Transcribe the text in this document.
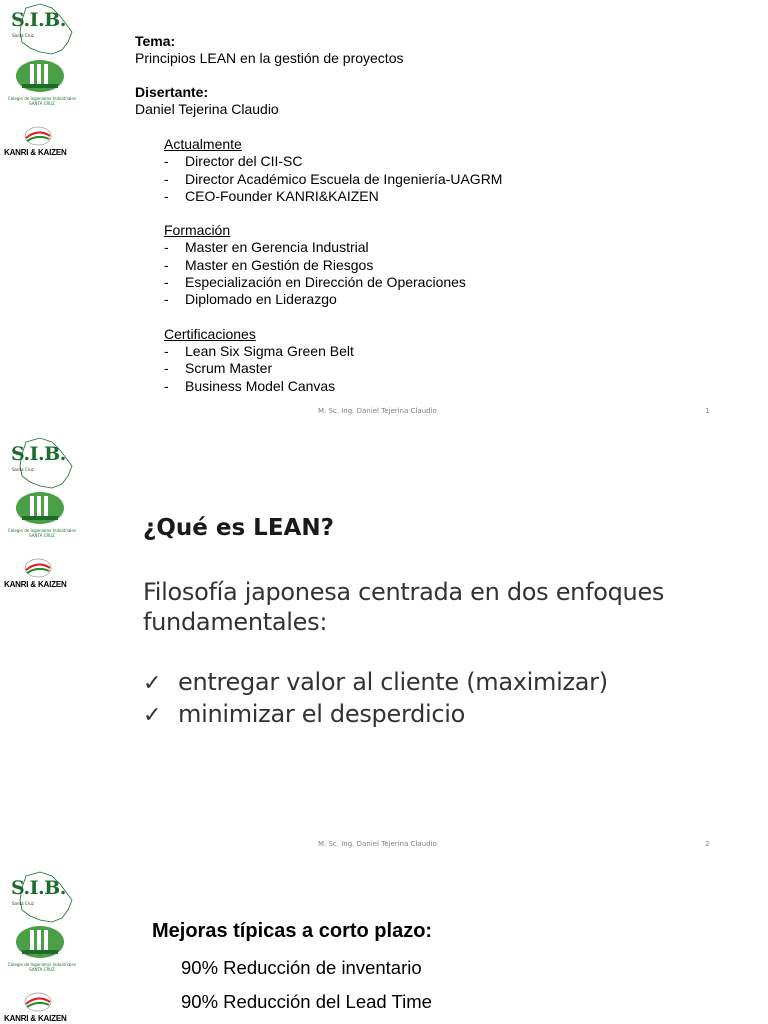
S.I.B.
Santa Cruz
Colegio de Ingenieros Industriales
SANTA CRUZ
KANRI & KAIZEN
Tema:
Principios LEAN en la gestión de proyectos
Disertante:
Daniel Tejerina Claudio
Actualmente
-	Director del CII-SC
-	Director Académico Escuela de Ingeniería-UAGRM
-	CEO-Founder KANRI&KAIZEN
Formación
-	Master en Gerencia Industrial
-	Master en Gestión de Riesgos
-	Especialización en Dirección de Operaciones
-	Diplomado en Liderazgo
Certificaciones
-	Lean Six Sigma Green Belt
-	Scrum Master
-	Business Model Canvas
M. Sc. Ing. Daniel Tejerina Claudio	1
S.I.B.
Santa Cruz
Colegio de Ingenieros Industriales
SANTA CRUZ
KANRI & KAIZEN
¿Qué es LEAN?
Filosofía japonesa centrada en dos enfoques
fundamentales:
✓ entregar valor al cliente (maximizar)
✓ minimizar el desperdicio
M. Sc. Ing. Daniel Tejerina Claudio	2
S.I.B.
Santa Cruz
Colegio de Ingenieros Industriales
SANTA CRUZ
KANRI & KAIZEN
Mejoras típicas a corto plazo:
90% Reducción de inventario
90% Reducción del Lead Time
